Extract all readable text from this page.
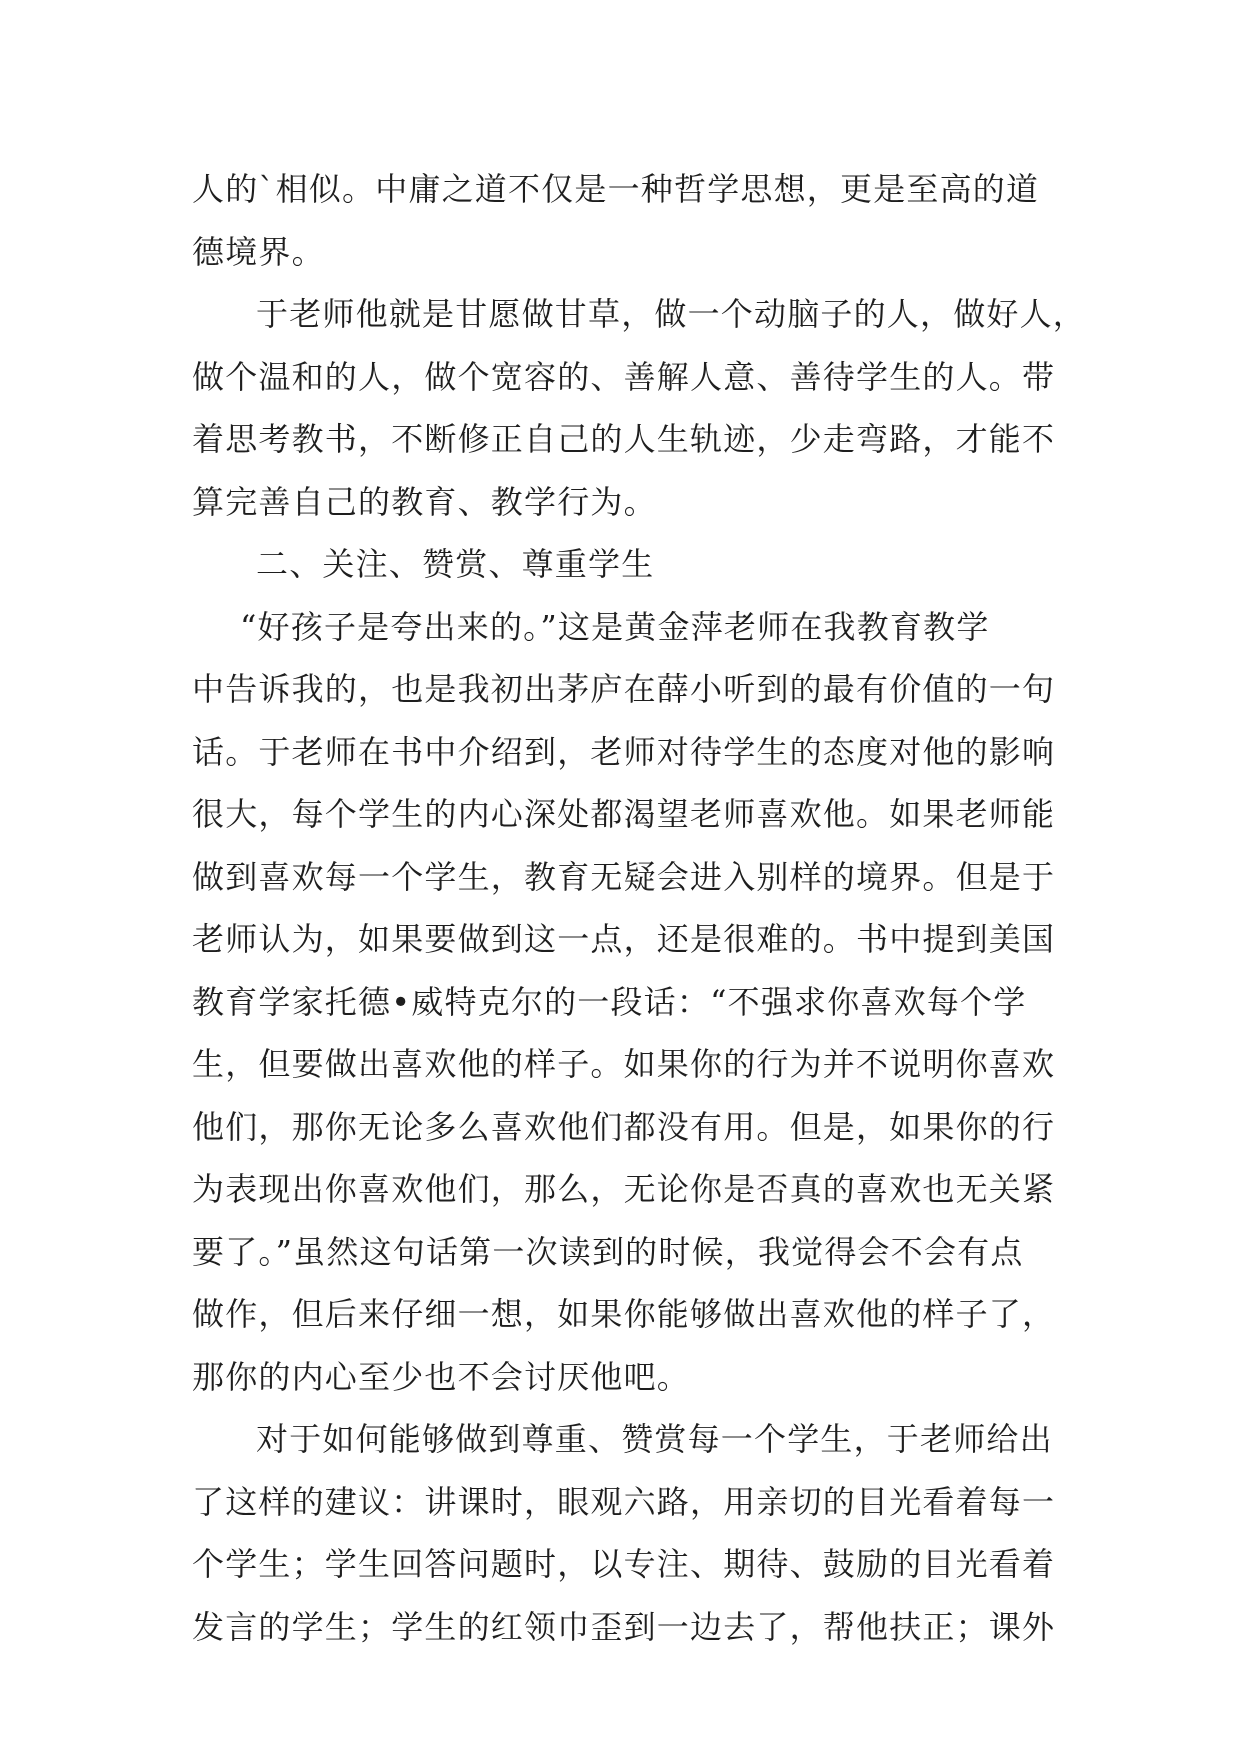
人的`相似。中庸之道不仅是一种哲学思想，更是至高的道
德境界。
于老师他就是甘愿做甘草，做一个动脑子的人，做好人，
做个温和的人，做个宽容的、善解人意、善待学生的人。带
着思考教书，不断修正自己的人生轨迹，少走弯路，才能不
算完善自己的教育、教学行为。
二、关注、赞赏、尊重学生
“好孩子是夸出来的。”这是黄金萍老师在我教育教学
中告诉我的，也是我初出茅庐在薛小听到的最有价值的一句
话。于老师在书中介绍到，老师对待学生的态度对他的影响
很大，每个学生的内心深处都渴望老师喜欢他。如果老师能
做到喜欢每一个学生，教育无疑会进入别样的境界。但是于
老师认为，如果要做到这一点，还是很难的。书中提到美国
教育学家托德•威特克尔的一段话：“不强求你喜欢每个学
生，但要做出喜欢他的样子。如果你的行为并不说明你喜欢
他们，那你无论多么喜欢他们都没有用。但是，如果你的行
为表现出你喜欢他们，那么，无论你是否真的喜欢也无关紧
要了。”虽然这句话第一次读到的时候，我觉得会不会有点
做作，但后来仔细一想，如果你能够做出喜欢他的样子了，
那你的内心至少也不会讨厌他吧。
对于如何能够做到尊重、赞赏每一个学生，于老师给出
了这样的建议：讲课时，眼观六路，用亲切的目光看着每一
个学生；学生回答问题时，以专注、期待、鼓励的目光看着
发言的学生；学生的红领巾歪到一边去了，帮他扶正；课外
